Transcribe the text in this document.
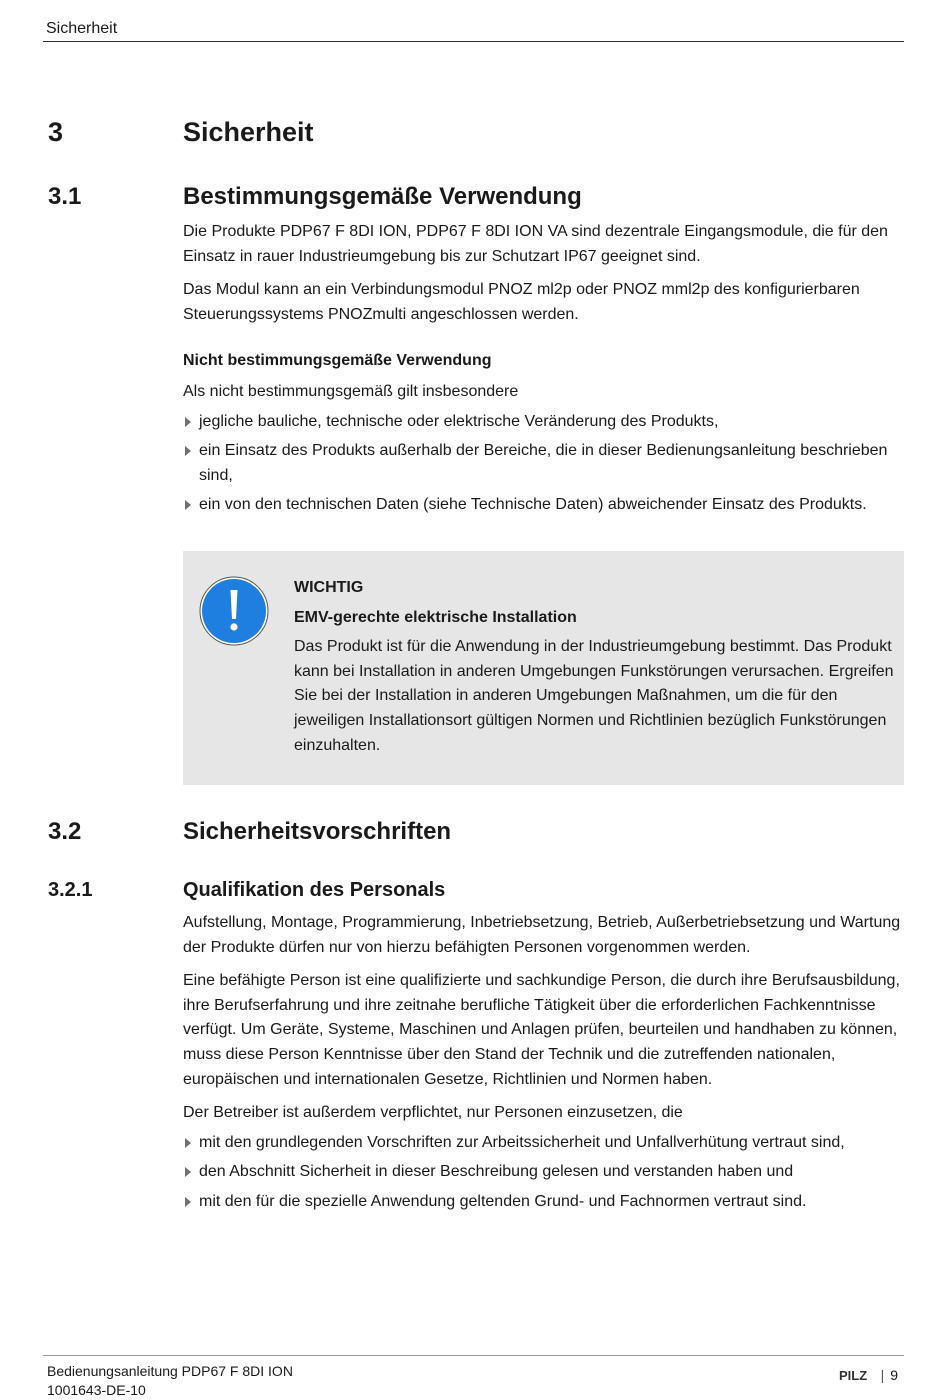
Sicherheit
3	Sicherheit
3.1	Bestimmungsgemäße Verwendung

Die Produkte PDP67 F 8DI ION, PDP67 F 8DI ION VA sind dezentrale Eingangsmodule, die für den Einsatz in rauer Industrieumgebung bis zur Schutzart IP67 geeignet sind.

Das Modul kann an ein Verbindungsmodul PNOZ ml2p oder PNOZ mml2p des konfigurierbaren Steuerungssystems PNOZmulti angeschlossen werden.

Nicht bestimmungsgemäße Verwendung

Als nicht bestimmungsgemäß gilt insbesondere

jegliche bauliche, technische oder elektrische Veränderung des Produkts,
ein Einsatz des Produkts außerhalb der Bereiche, die in dieser Bedienungsanleitung beschrieben sind,
ein von den technischen Daten (siehe Technische Daten) abweichender Einsatz des Produkts.

WICHTIG

EMV-gerechte elektrische Installation

Das Produkt ist für die Anwendung in der Industrieumgebung bestimmt. Das Produkt kann bei Installation in anderen Umgebungen Funkstörungen verursachen. Ergreifen Sie bei der Installation in anderen Umgebungen Maßnahmen, um die für den jeweiligen Installationsort gültigen Normen und Richtlinien bezüglich Funkstörungen einzuhalten.

3.2	Sicherheitsvorschriften
3.2.1	Qualifikation des Personals

Aufstellung, Montage, Programmierung, Inbetriebsetzung, Betrieb, Außerbetriebsetzung und Wartung der Produkte dürfen nur von hierzu befähigten Personen vorgenommen werden.

Eine befähigte Person ist eine qualifizierte und sachkundige Person, die durch ihre Berufsausbildung, ihre Berufserfahrung und ihre zeitnahe berufliche Tätigkeit über die erforderlichen Fachkenntnisse verfügt. Um Geräte, Systeme, Maschinen und Anlagen prüfen, beurteilen und handhaben zu können, muss diese Person Kenntnisse über den Stand der Technik und die zutreffenden nationalen, europäischen und internationalen Gesetze, Richtlinien und Normen haben.

Der Betreiber ist außerdem verpflichtet, nur Personen einzusetzen, die

mit den grundlegenden Vorschriften zur Arbeitssicherheit und Unfallverhütung vertraut sind,
den Abschnitt Sicherheit in dieser Beschreibung gelesen und verstanden haben und
mit den für die spezielle Anwendung geltenden Grund- und Fachnormen vertraut sind.
Bedienungsanleitung PDP67 F 8DI ION
1001643-DE-10
PILZ | 9
